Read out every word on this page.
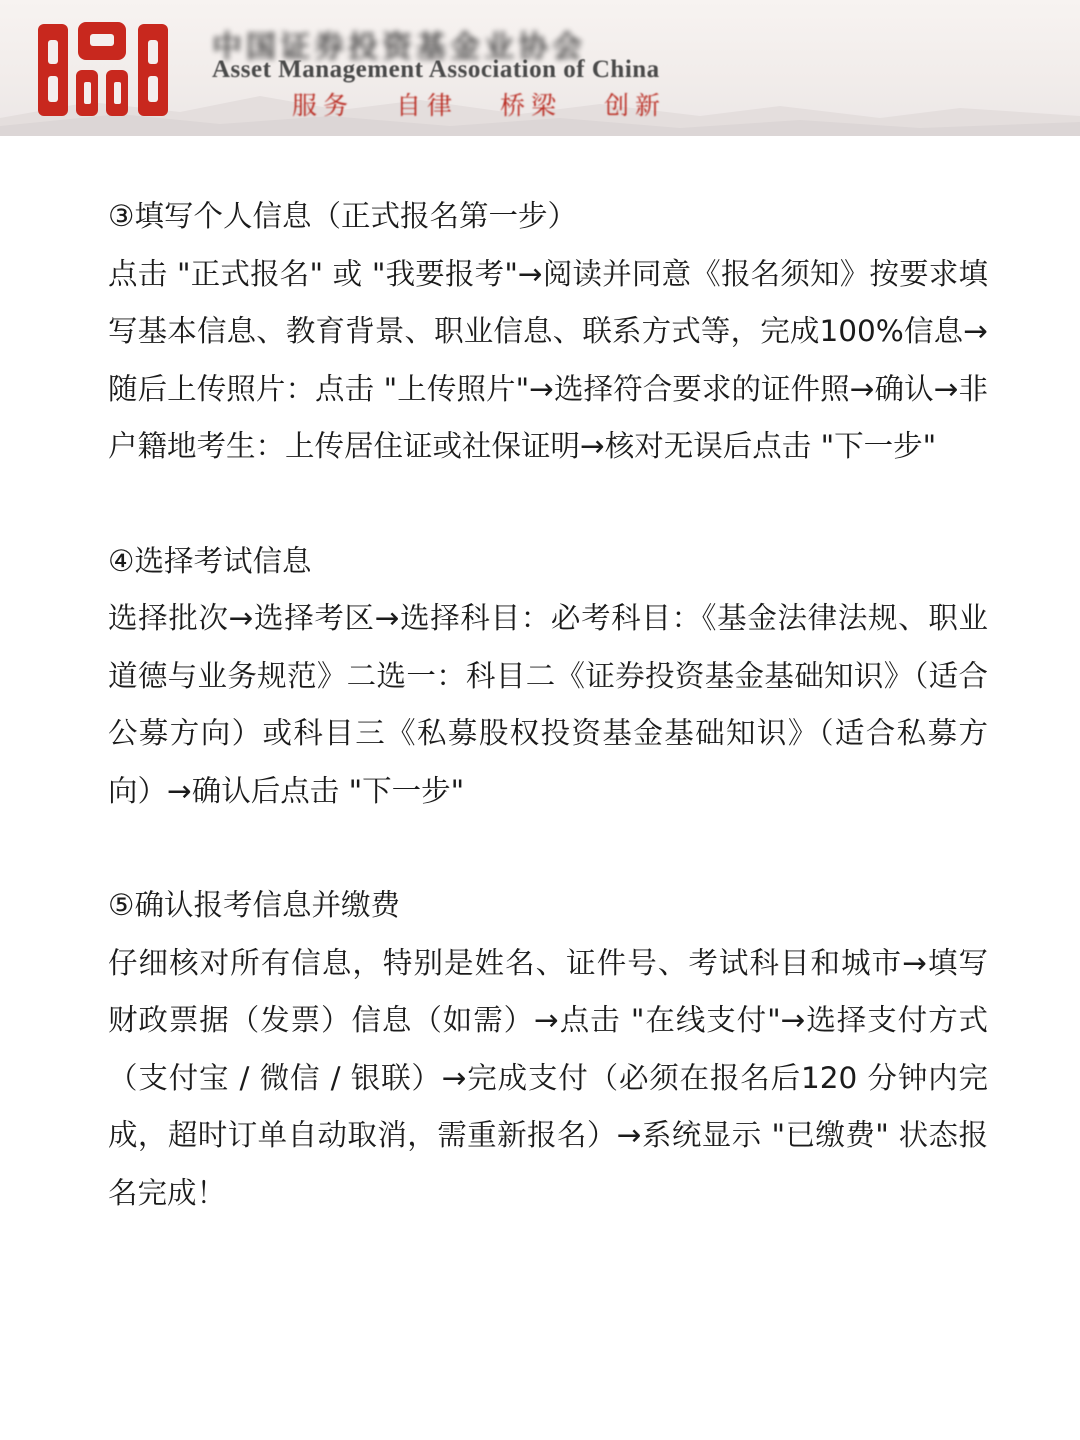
中国证券投资基金业协会
Asset Management Association of China
服务 自律 桥梁 创新

③填写个人信息（正式报名第一步）

点击 "正式报名" 或 "我要报考"→阅读并同意《报名须知》按要求填写基本信息、教育背景、职业信息、联系方式等，完成100%信息→随后上传照片：点击 "上传照片"→选择符合要求的证件照→确认→非户籍地考生：上传居住证或社保证明→核对无误后点击 "下一步"

④选择考试信息

选择批次→选择考区→选择科目：必考科目：《基金法律法规、职业道德与业务规范》二选一：科目二《证券投资基金基础知识》（适合公募方向）或科目三《私募股权投资基金基础知识》（适合私募方向）→确认后点击 "下一步"

⑤确认报考信息并缴费

仔细核对所有信息，特别是姓名、证件号、考试科目和城市→填写财政票据（发票）信息（如需）→点击 "在线支付"→选择支付方式（支付宝 / 微信 / 银联）→完成支付（必须在报名后120 分钟内完成，超时订单自动取消，需重新报名）→系统显示 "已缴费" 状态报名完成！
